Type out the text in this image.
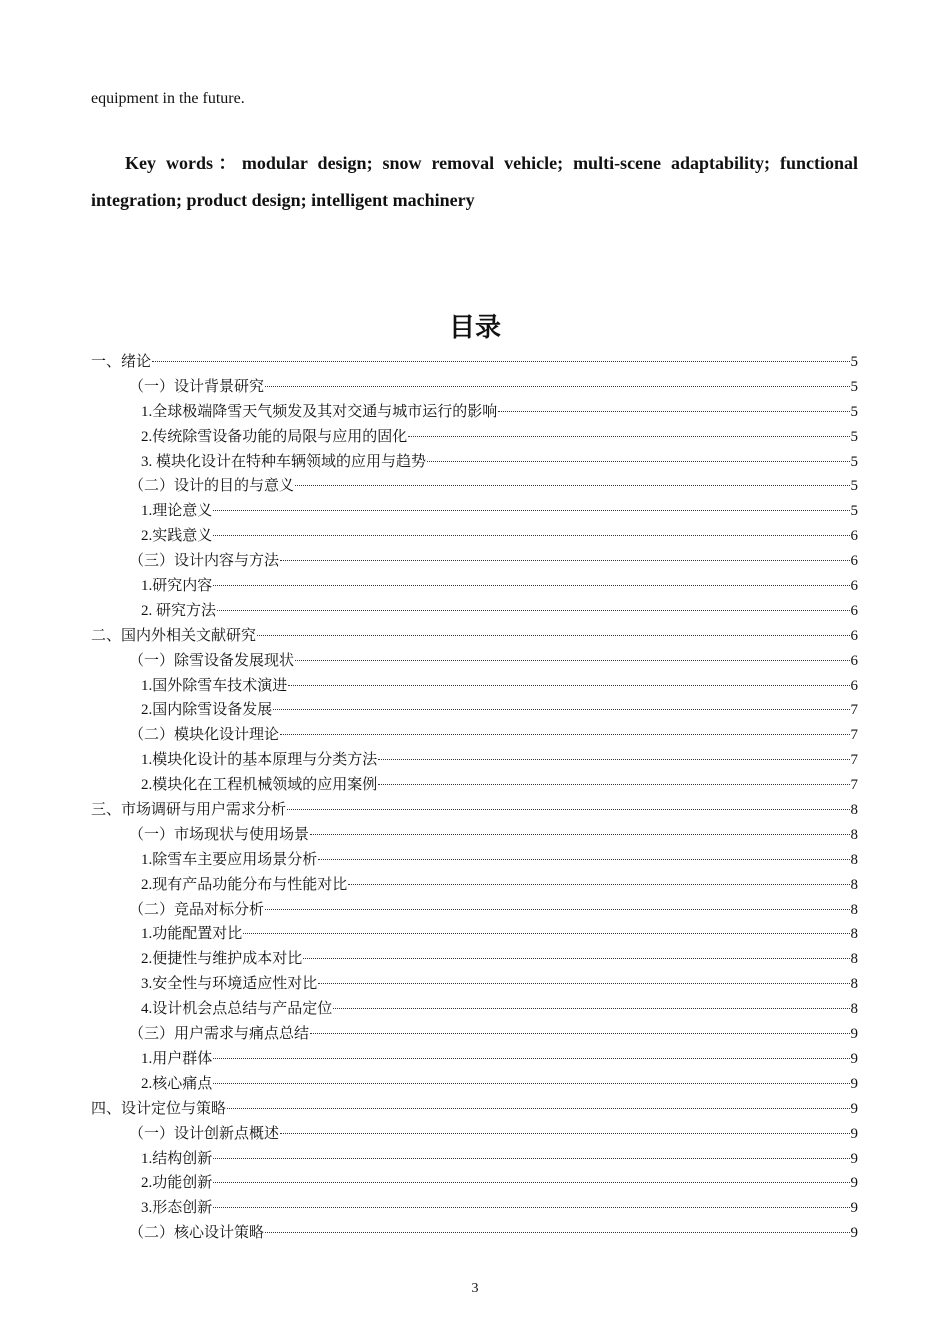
equipment in the future.
Key words：modular design; snow removal vehicle; multi-scene adaptability; functional integration; product design; intelligent machinery
目录
一、绪论	5
（一）设计背景研究	5
1.全球极端降雪天气频发及其对交通与城市运行的影响	5
2.传统除雪设备功能的局限与应用的固化	5
3. 模块化设计在特种车辆领域的应用与趋势	5
（二）设计的目的与意义	5
1.理论意义	5
2.实践意义	6
（三）设计内容与方法	6
1.研究内容	6
2. 研究方法	6
二、国内外相关文献研究	6
（一）除雪设备发展现状	6
1.国外除雪车技术演进	6
2.国内除雪设备发展	7
（二）模块化设计理论	7
1.模块化设计的基本原理与分类方法	7
2.模块化在工程机械领域的应用案例	7
三、市场调研与用户需求分析	8
（一）市场现状与使用场景	8
1.除雪车主要应用场景分析	8
2.现有产品功能分布与性能对比	8
（二）竞品对标分析	8
1.功能配置对比	8
2.便捷性与维护成本对比	8
3.安全性与环境适应性对比	8
4.设计机会点总结与产品定位	8
（三）用户需求与痛点总结	9
1.用户群体	9
2.核心痛点	9
四、设计定位与策略	9
（一）设计创新点概述	9
1.结构创新	9
2.功能创新	9
3.形态创新	9
（二）核心设计策略	9
3
